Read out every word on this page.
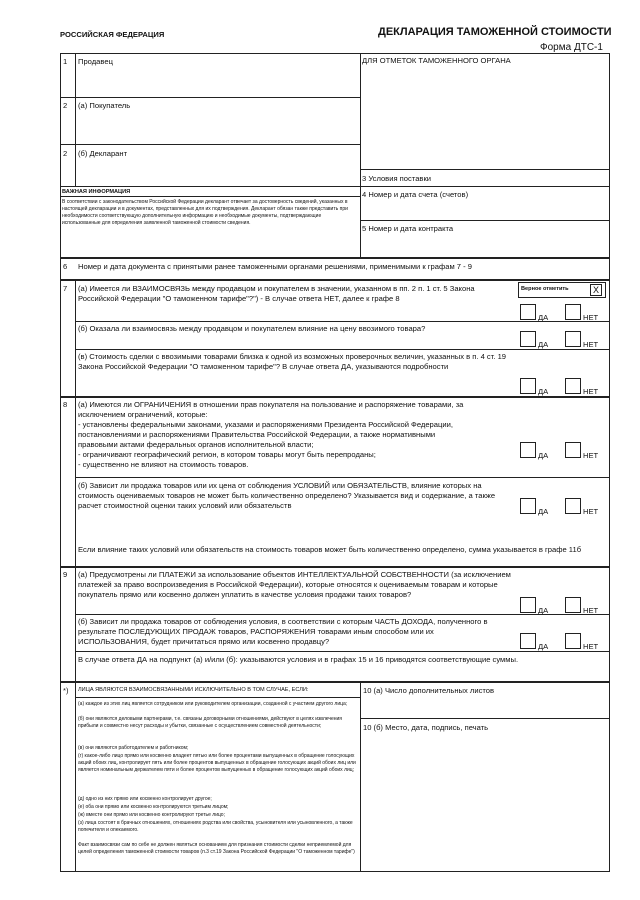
РОССИЙСКАЯ ФЕДЕРАЦИЯ	ДЕКЛАРАЦИЯ ТАМОЖЕННОЙ СТОИМОСТИ
Форма ДТС-1
1 Продавец
2 (а) Покупатель
2 (б) Декларант
ДЛЯ ОТМЕТОК ТАМОЖЕННОГО ОРГАНА
3 Условия поставки
ВАЖНАЯ ИНФОРМАЦИЯ
В соответствии с законодательством Российской Федерации декларант отвечает за достоверность сведений, указанных в настоящей декларации и в документах, представленных для их подтверждения. Декларант обязан также представить при необходимости соответствующую дополнительную информацию и необходимые документы, подтверждающие использованные для определения заявленной таможенной стоимости сведения.
4 Номер и дата счета (счетов)
5 Номер и дата контракта
6 Номер и дата документа с принятыми ранее таможенными органами решениями, применимыми к графам 7 - 9
7 (а) Имеется ли ВЗАИМОСВЯЗЬ между продавцом и покупателем в значении, указанном в пп. 2 п. 1 ст. 5 Закона Российской Федерации "О таможенном тарифе"?") - В случае ответа НЕТ, далее к графе 8
Верное отметить	X
ДА	НЕТ
(б) Оказала ли взаимосвязь между продавцом и покупателем влияние на цену ввозимого товара?
ДА	НЕТ
(в) Стоимость сделки с ввозимыми товарами близка к одной из возможных проверочных величин, указанных в п. 4 ст. 19 Закона Российской Федерации "О таможенном тарифе"? В случае ответа ДА, указываются подробности
ДА	НЕТ
8 (а) Имеются ли ОГРАНИЧЕНИЯ в отношении прав покупателя на пользование и распоряжение товарами, за
исключением ограничений, которые:
- установлены федеральными законами, указами и распоряжениями Президента Российской Федерации,
постановлениями и распоряжениями Правительства Российской Федерации, а также нормативными
правовыми актами федеральных органов исполнительной власти;
- ограничивают географический регион, в котором товары могут быть перепроданы;
- существенно не влияют на стоимость товаров.
ДА	НЕТ
(б) Зависит ли продажа товаров или их цена от соблюдения УСЛОВИЙ или ОБЯЗАТЕЛЬСТВ, влияние которых на стоимость оцениваемых товаров не может быть количественно определено? Указывается вид и содержание, а также расчет стоимостной оценки таких условий или обязательств
ДА	НЕТ
Если влияние таких условий или обязательств на стоимость товаров может быть количественно определено, сумма указывается в графе 11б
9 (а) Предусмотрены ли ПЛАТЕЖИ за использование объектов ИНТЕЛЛЕКТУАЛЬНОЙ СОБСТВЕННОСТИ (за исключением платежей за право воспроизведения в Российской Федерации), которые относятся к оцениваемым товарам и которые покупатель прямо или косвенно должен уплатить в качестве условия продажи таких товаров?
ДА	НЕТ
(б) Зависит ли продажа товаров от соблюдения условия, в соответствии с которым ЧАСТЬ ДОХОДА, полученного в результате ПОСЛЕДУЮЩИХ ПРОДАЖ товаров, РАСПОРЯЖЕНИЯ товарами иным способом или их ИСПОЛЬЗОВАНИЯ, будет причитаться прямо или косвенно продавцу?
ДА	НЕТ
В случае ответа ДА на подпункт (а) и/или (б): указываются условия и в графах 15 и 16 приводятся соответствующие суммы.
*) ЛИЦА ЯВЛЯЮТСЯ ВЗАИМОСВЯЗАННЫМИ ИСКЛЮЧИТЕЛЬНО В ТОМ СЛУЧАЕ, ЕСЛИ:
(а) каждое из этих лиц является сотрудником или руководителем организации, созданной с участием другого лица;
(б) они являются деловыми партнерами, т.е. связаны договорными отношениями, действуют в целях извлечения прибыли и совместно несут расходы и убытки, связанные с осуществлением совместной деятельности;
(в) они являются работодателем и работником;
(г) какое-либо лицо прямо или косвенно владеет пятью или более процентами выпущенных в обращение голосующих акций обоих лиц, контролирует пять или более процентов выпущенных в обращение голосующих акций обоих лиц или является номинальным держателем пяти и более процентов выпущенных в обращение голосующих акций обоих лиц;
(д) одно из них прямо или косвенно контролирует другое;
(е) оба они прямо или косвенно контролируются третьим лицом;
(ж) вместе они прямо или косвенно контролируют третье лицо;
(з) лица состоят в брачных отношениях, отношениях родства или свойства, усыновителя или усыновленного, а также попечителя и опекаемого.
Факт взаимосвязи сам по себе не должен являться основанием для признания стоимости сделки неприемлемой для целей определения таможенной стоимости товаров (п.3 ст.19 Закона Российской Федерации "О таможенном тарифе")
10 (а) Число дополнительных листов
10 (б) Место, дата, подпись, печать
